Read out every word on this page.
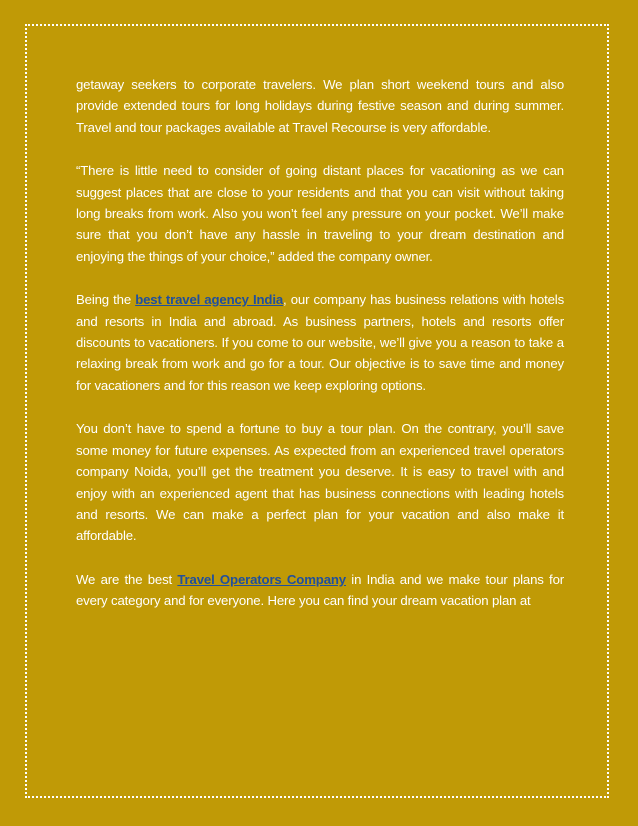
getaway seekers to corporate travelers. We plan short weekend tours and also provide extended tours for long holidays during festive season and during summer. Travel and tour packages available at Travel Recourse is very affordable.

“There is little need to consider of going distant places for vacationing as we can suggest places that are close to your residents and that you can visit without taking long breaks from work. Also you won’t feel any pressure on your pocket. We’ll make sure that you don’t have any hassle in traveling to your dream destination and enjoying the things of your choice,” added the company owner.

Being the best travel agency India, our company has business relations with hotels and resorts in India and abroad. As business partners, hotels and resorts offer discounts to vacationers. If you come to our website, we’ll give you a reason to take a relaxing break from work and go for a tour. Our objective is to save time and money for vacationers and for this reason we keep exploring options.

You don’t have to spend a fortune to buy a tour plan. On the contrary, you’ll save some money for future expenses. As expected from an experienced travel operators company Noida, you’ll get the treatment you deserve. It is easy to travel with and enjoy with an experienced agent that has business connections with leading hotels and resorts. We can make a perfect plan for your vacation and also make it affordable.

We are the best Travel Operators Company in India and we make tour plans for every category and for everyone. Here you can find your dream vacation plan at
